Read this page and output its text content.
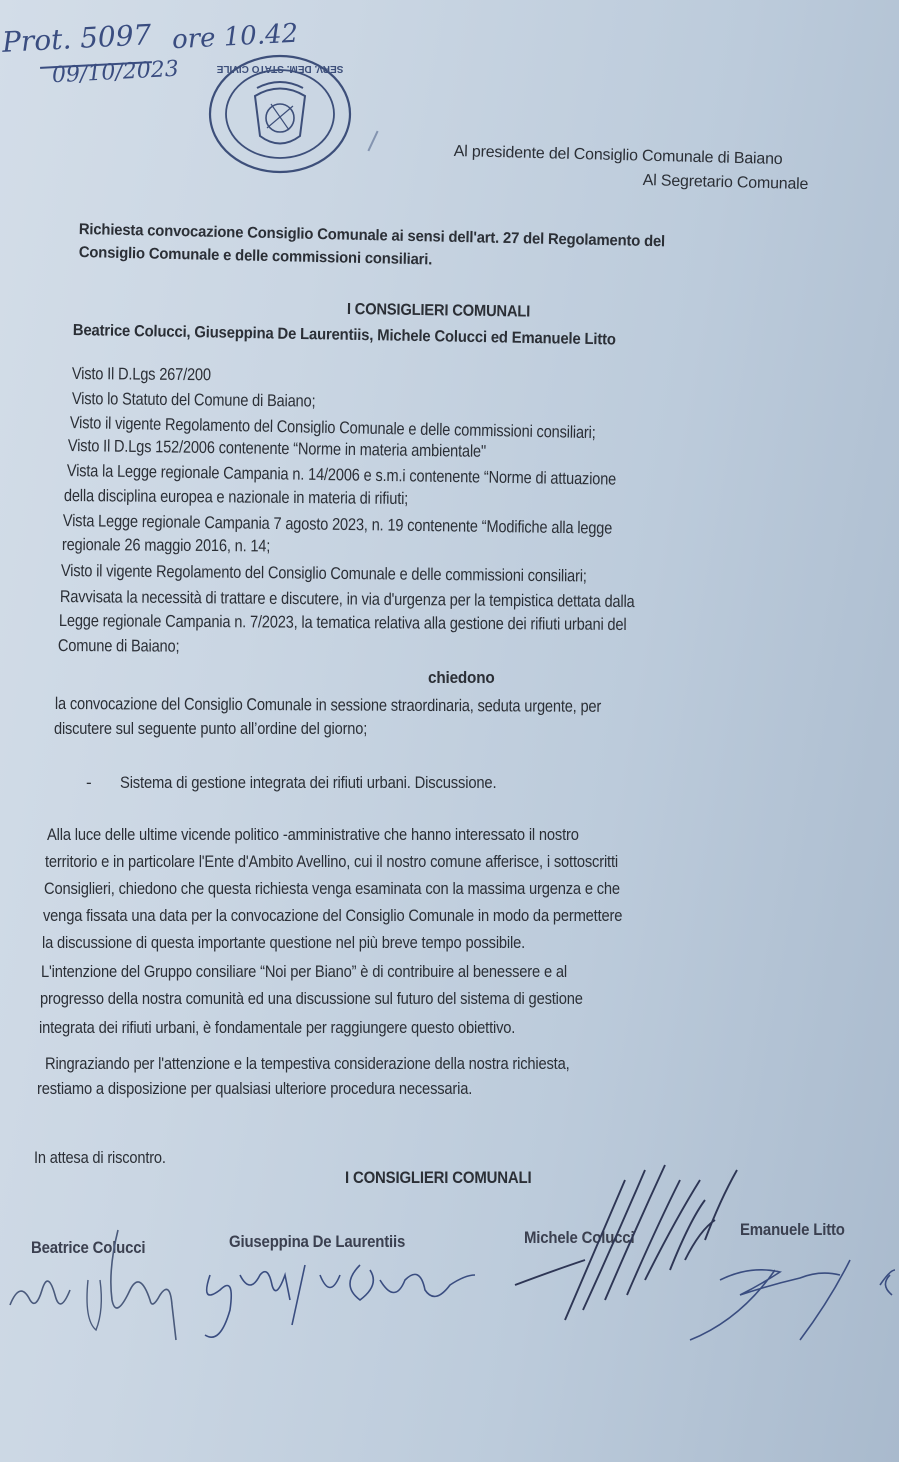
Prot. 5097 ore 10.42
09/10/2023	SERV. DEM. STATO CIVILE
Al presidente del Consiglio Comunale di Baiano
Al Segretario Comunale
Richiesta convocazione Consiglio Comunale ai sensi dell'art. 27 del Regolamento del
Consiglio Comunale e delle commissioni consiliari.
I CONSIGLIERI COMUNALI
Beatrice Colucci, Giuseppina De Laurentiis, Michele Colucci ed Emanuele Litto
Visto Il D.Lgs 267/200
Visto lo Statuto del Comune di Baiano;
Visto il vigente Regolamento del Consiglio Comunale e delle commissioni consiliari;
Visto Il D.Lgs 152/2006 contenente “Norme in materia ambientale"
Vista la Legge regionale Campania n. 14/2006 e s.m.i contenente “Norme di attuazione
della disciplina europea e nazionale in materia di rifiuti;
Vista Legge regionale Campania 7 agosto 2023, n. 19 contenente “Modifiche alla legge
regionale 26 maggio 2016, n. 14;
Visto il vigente Regolamento del Consiglio Comunale e delle commissioni consiliari;
Ravvisata la necessità di trattare e discutere, in via d'urgenza per la tempistica dettata dalla
Legge regionale Campania n. 7/2023, la tematica relativa alla gestione dei rifiuti urbani del
Comune di Baiano;
chiedono
la convocazione del Consiglio Comunale in sessione straordinaria, seduta urgente, per
discutere sul seguente punto all’ordine del giorno;
- Sistema di gestione integrata dei rifiuti urbani. Discussione.
Alla luce delle ultime vicende politico -amministrative che hanno interessato il nostro
territorio e in particolare l'Ente d'Ambito Avellino, cui il nostro comune afferisce, i sottoscritti
Consiglieri, chiedono che questa richiesta venga esaminata con la massima urgenza e che
venga fissata una data per la convocazione del Consiglio Comunale in modo da permettere
la discussione di questa importante questione nel più breve tempo possibile.
L'intenzione del Gruppo consiliare “Noi per Biano” è di contribuire al benessere e al
progresso della nostra comunità ed una discussione sul futuro del sistema di gestione
integrata dei rifiuti urbani, è fondamentale per raggiungere questo obiettivo.
Ringraziando per l'attenzione e la tempestiva considerazione della nostra richiesta,
restiamo a disposizione per qualsiasi ulteriore procedura necessaria.
In attesa di riscontro.
I CONSIGLIERI COMUNALI
Beatrice Colucci	Giuseppina De Laurentiis	Michele Colucci	Emanuele Litto
